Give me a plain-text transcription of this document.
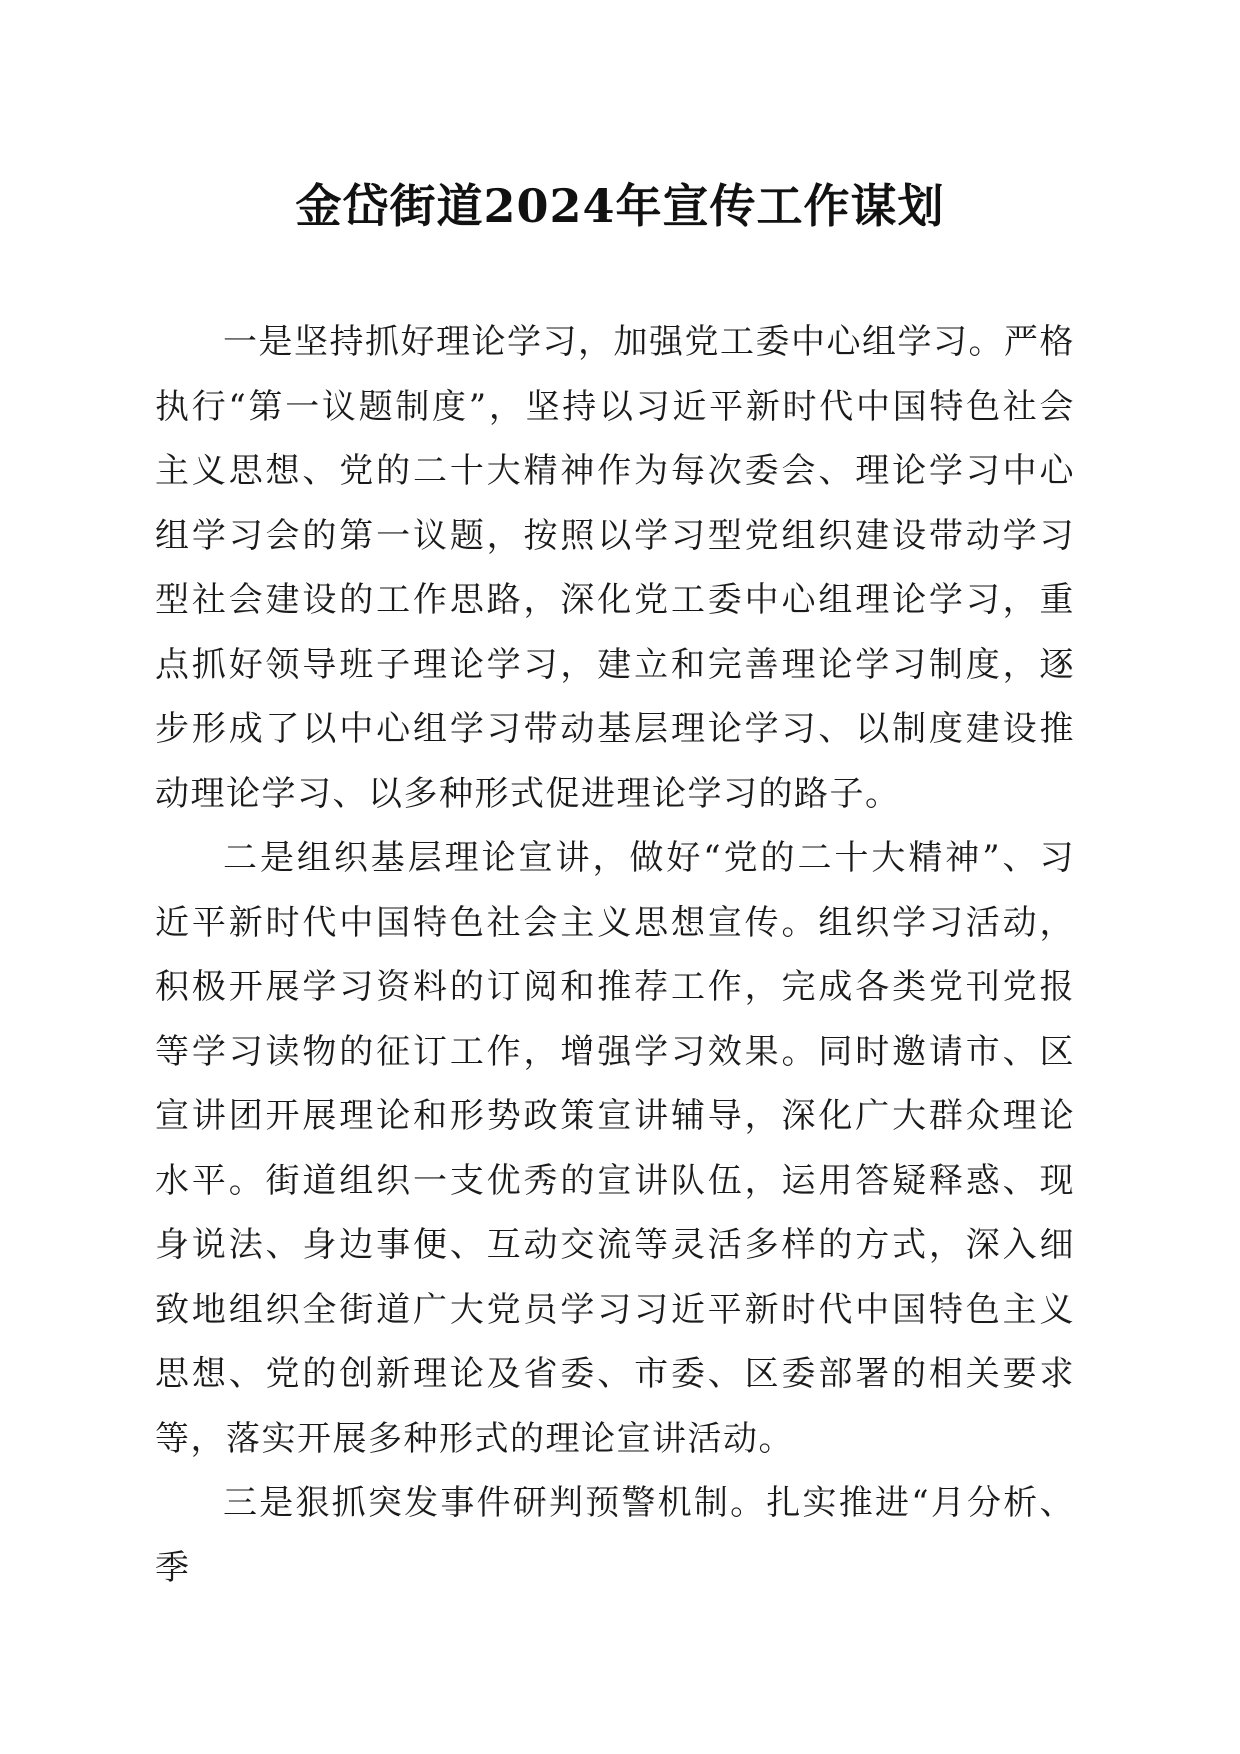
金岱街道2024年宣传工作谋划

一是坚持抓好理论学习，加强党工委中心组学习。严格执行“第一议题制度”，坚持以习近平新时代中国特色社会主义思想、党的二十大精神作为每次委会、理论学习中心组学习会的第一议题，按照以学习型党组织建设带动学习型社会建设的工作思路，深化党工委中心组理论学习，重点抓好领导班子理论学习，建立和完善理论学习制度，逐步形成了以中心组学习带动基层理论学习、以制度建设推动理论学习、以多种形式促进理论学习的路子。

二是组织基层理论宣讲，做好“党的二十大精神”、习近平新时代中国特色社会主义思想宣传。组织学习活动，积极开展学习资料的订阅和推荐工作，完成各类党刊党报等学习读物的征订工作，增强学习效果。同时邀请市、区宣讲团开展理论和形势政策宣讲辅导，深化广大群众理论水平。街道组织一支优秀的宣讲队伍，运用答疑释惑、现身说法、身边事便、互动交流等灵活多样的方式，深入细致地组织全街道广大党员学习习近平新时代中国特色主义思想、党的创新理论及省委、市委、区委部署的相关要求等，落实开展多种形式的理论宣讲活动。

三是狠抓突发事件研判预警机制。扎实推进“月分析、季
